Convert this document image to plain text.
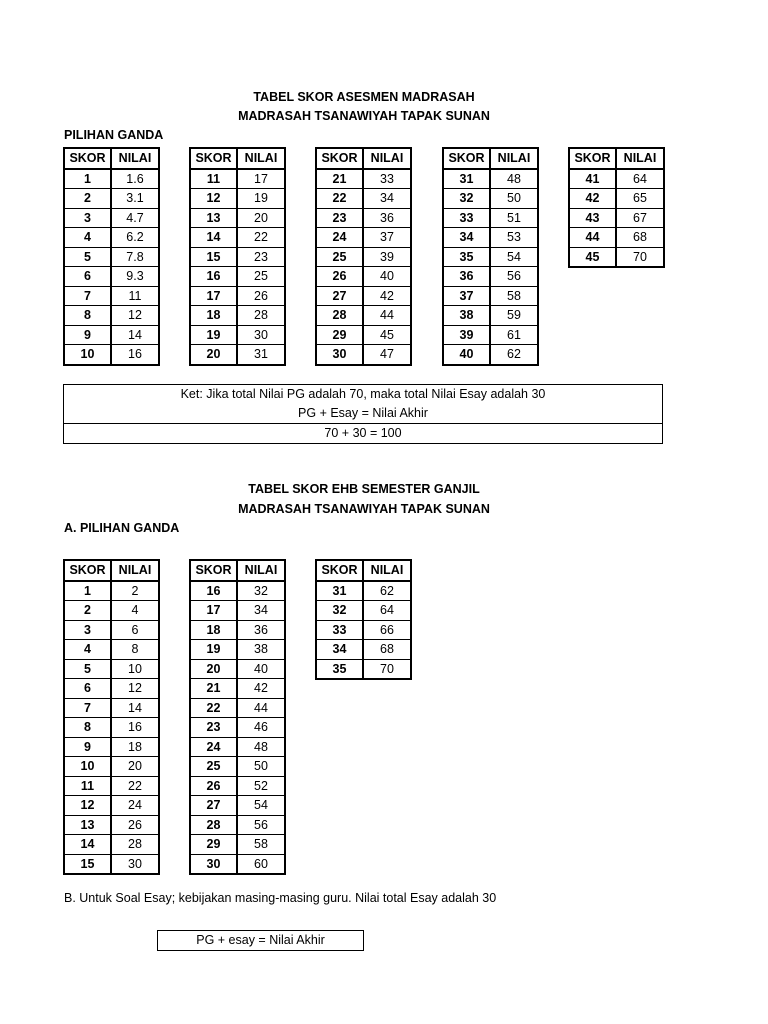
TABEL SKOR ASESMEN MADRASAH
MADRASAH TSANAWIYAH TAPAK SUNAN
PILIHAN GANDA
SKOR	NILAI
1	1.6
2	3.1
3	4.7
4	6.2
5	7.8
6	9.3
7	11
8	12
9	14
10	16
SKOR	NILAI
11	17
12	19
13	20
14	22
15	23
16	25
17	26
18	28
19	30
20	31
SKOR	NILAI
21	33
22	34
23	36
24	37
25	39
26	40
27	42
28	44
29	45
30	47
SKOR	NILAI
31	48
32	50
33	51
34	53
35	54
36	56
37	58
38	59
39	61
40	62
SKOR	NILAI
41	64
42	65
43	67
44	68
45	70
Ket: Jika total Nilai PG adalah 70, maka total Nilai Esay adalah 30
PG + Esay = Nilai Akhir
70 + 30 = 100
TABEL SKOR EHB SEMESTER GANJIL
MADRASAH TSANAWIYAH TAPAK SUNAN
A. PILIHAN GANDA
SKOR	NILAI
1	2
2	4
3	6
4	8
5	10
6	12
7	14
8	16
9	18
10	20
11	22
12	24
13	26
14	28
15	30
SKOR	NILAI
16	32
17	34
18	36
19	38
20	40
21	42
22	44
23	46
24	48
25	50
26	52
27	54
28	56
29	58
30	60
SKOR	NILAI
31	62
32	64
33	66
34	68
35	70
B. Untuk Soal Esay; kebijakan masing-masing guru. Nilai total Esay adalah 30
PG + esay = Nilai Akhir
